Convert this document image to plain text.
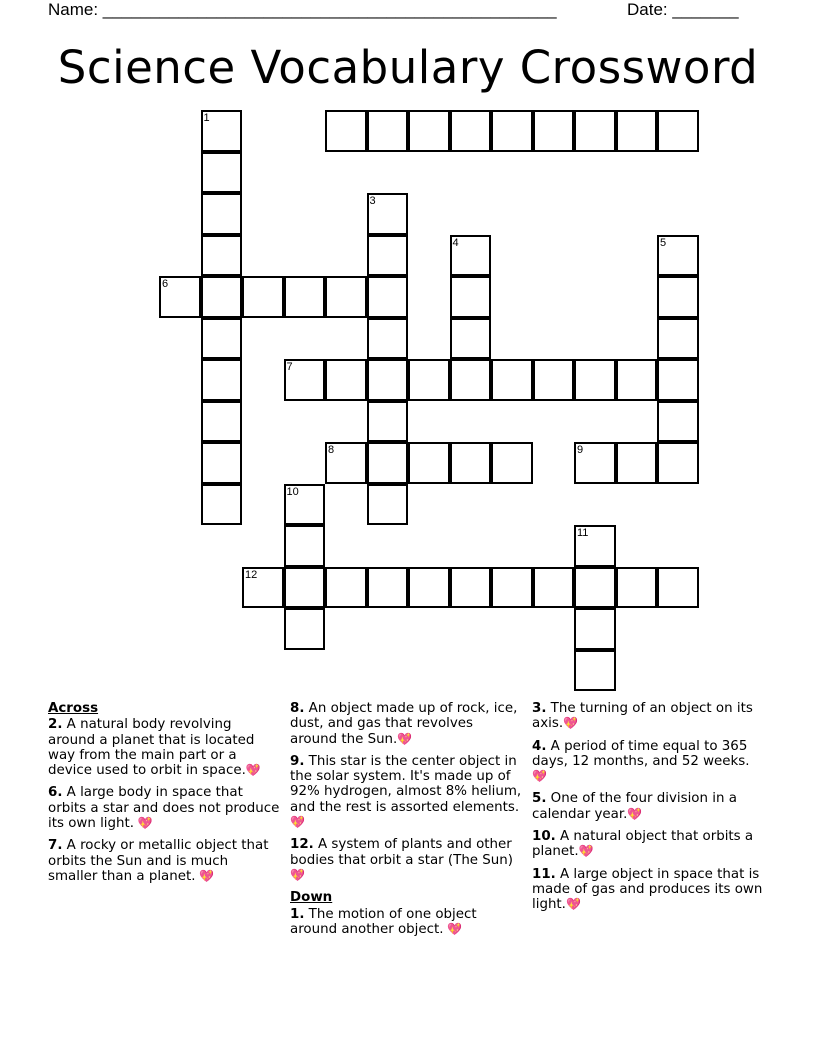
Name: ________________________________________________	Date: _______
Science Vocabulary Crossword
1
3
4	5
6
7
8	9
10
11
12
Across
2. A natural body revolving around a planet that is located way from the main part or a device used to orbit in space.💖
6. A large body in space that orbits a star and does not produce its own light. 💖
7. A rocky or metallic object that orbits the Sun and is much smaller than a planet. 💖
8. An object made up of rock, ice, dust, and gas that revolves around the Sun.💖
9. This star is the center object in the solar system. It's made up of 92% hydrogen, almost 8% helium, and the rest is assorted elements.💖
12. A system of plants and other bodies that orbit a star (The Sun) 💖
Down
1. The motion of one object around another object. 💖
3. The turning of an object on its axis.💖
4. A period of time equal to 365 days, 12 months, and 52 weeks. 💖
5. One of the four division in a calendar year.💖
10. A natural object that orbits a planet.💖
11. A large object in space that is made of gas and produces its own light.💖
